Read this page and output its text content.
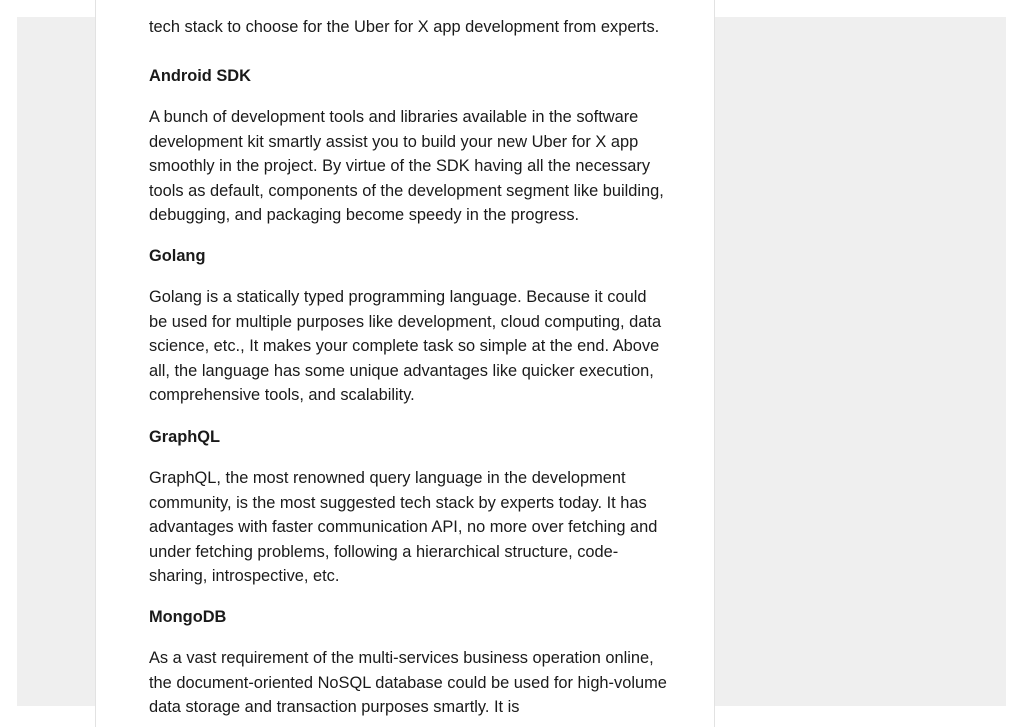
tech stack to choose for the Uber for X app development from experts.

Android SDK

A bunch of development tools and libraries available in the software development kit smartly assist you to build your new Uber for X app smoothly in the project. By virtue of the SDK having all the necessary tools as default, components of the development segment like building, debugging, and packaging become speedy in the progress.

Golang

Golang is a statically typed programming language. Because it could be used for multiple purposes like development, cloud computing, data science, etc., It makes your complete task so simple at the end. Above all, the language has some unique advantages like quicker execution, comprehensive tools, and scalability.

GraphQL

GraphQL, the most renowned query language in the development community, is the most suggested tech stack by experts today. It has advantages with faster communication API, no more over fetching and under fetching problems, following a hierarchical structure, code-sharing, introspective, etc.

MongoDB

As a vast requirement of the multi-services business operation online, the document-oriented NoSQL database could be used for high-volume data storage and transaction purposes smartly. It is
